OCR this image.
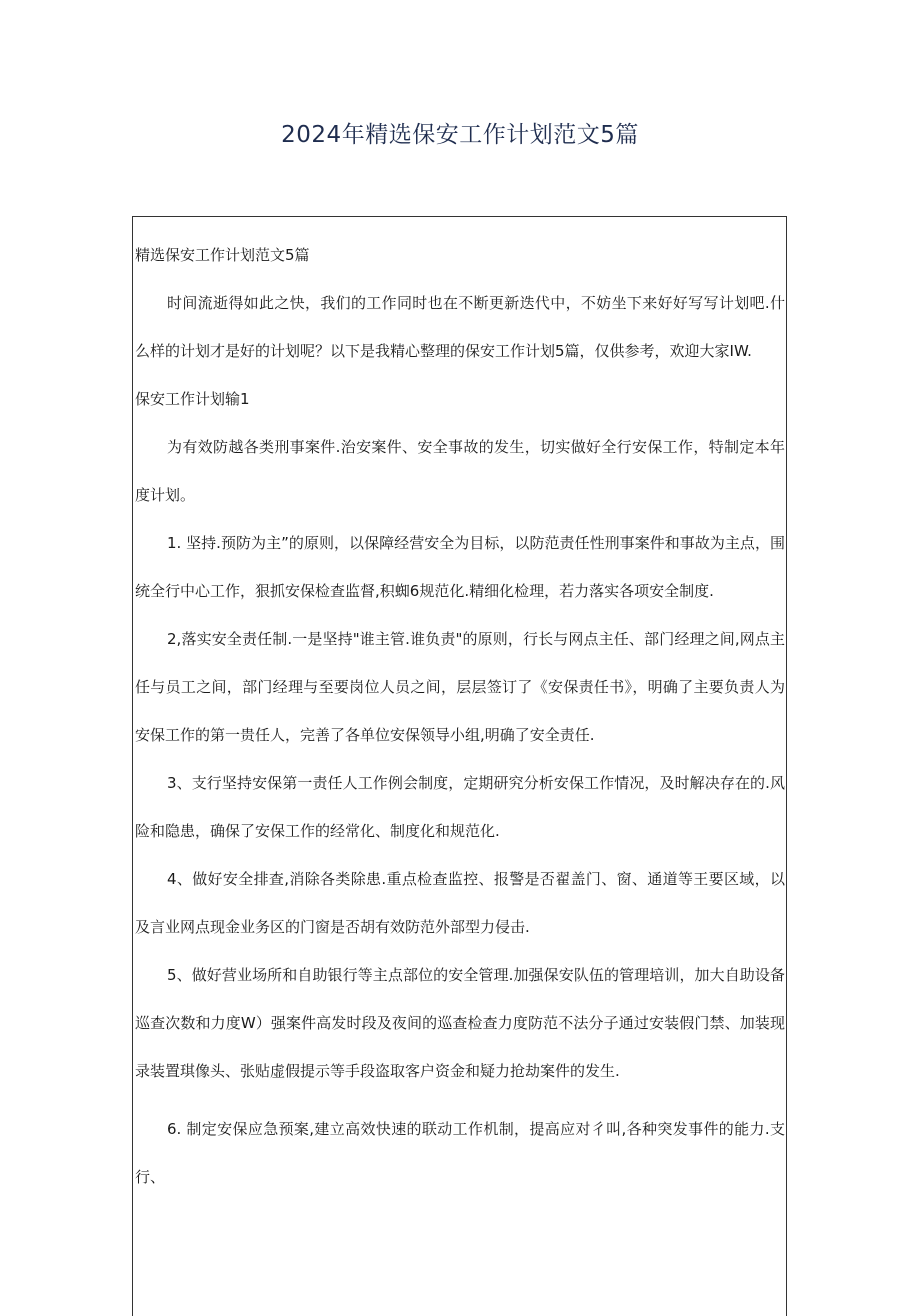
2024年精选保安工作计划范文5篇

精选保安工作计划范文5篇

时间流逝得如此之快，我们的工作同时也在不断更新迭代中，不妨坐下来好好写写计划吧.什么样的计划才是好的计划呢？以下是我精心整理的保安工作计划5篇，仅供参考，欢迎大家IW.

保安工作计划输1

为有效防越各类刑事案件.治安案件、安全事故的发生，切实做好全行安保工作，特制定本年度计划。

1. 坚持.预防为主”的原则，以保障经营安全为目标，以防范责任性刑事案件和事故为主点，围统全行中心工作，狠抓安保检查监督,积蜘6规范化.精细化检理，若力落实各项安全制度.

2,落实安全责任制.一是坚持"谁主管.谁负责"的原则，行长与网点主任、部门经理之间,网点主任与员工之间，部门经理与至要岗位人员之间，层层签订了《安保责任书》，明确了主要负责人为安保工作的第一贵任人，完善了各单位安保领导小组,明确了安全责任.

3、支行坚持安保第一责任人工作例会制度，定期研究分析安保工作情况，及时解决存在的.风险和隐患，确保了安保工作的经常化、制度化和规范化.

4、做好安全排查,消除各类除患.重点检查监控、报警是否翟盖门、窗、通道等王要区域，以及言业网点现金业务区的门窗是否胡有效防范外部型力侵击.

5、做好营业场所和自助银行等主点部位的安全管理.加强保安队伍的管理培训，加大自助设备巡查次数和力度W）强案件高发时段及夜间的巡查检查力度防范不法分子通过安装假门禁、加装现录装置琪像头、张贴虚假提示等手段盗取客户资金和疑力抢劫案件的发生.

6. 制定安保应急预案,建立高效快速的联动工作机制，提高应对彳叫,各种突发事件的能力.支行、
